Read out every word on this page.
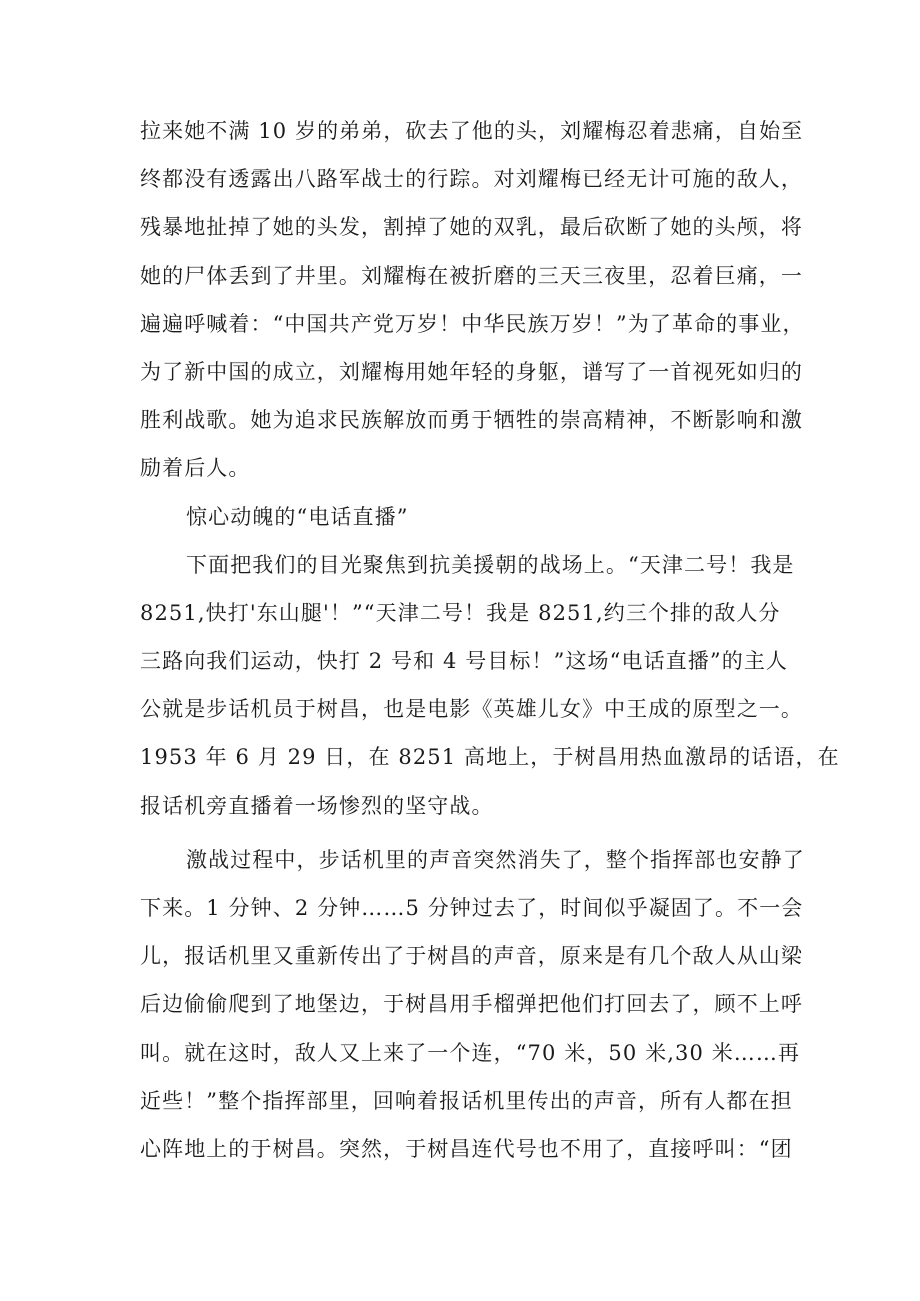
拉来她不满 10 岁的弟弟，砍去了他的头，刘耀梅忍着悲痛，自始至
终都没有透露出八路军战士的行踪。对刘耀梅已经无计可施的敌人，
残暴地扯掉了她的头发，割掉了她的双乳，最后砍断了她的头颅，将
她的尸体丢到了井里。刘耀梅在被折磨的三天三夜里，忍着巨痛，一
遍遍呼喊着：“中国共产党万岁！中华民族万岁！”为了革命的事业，
为了新中国的成立，刘耀梅用她年轻的身躯，谱写了一首视死如归的
胜利战歌。她为追求民族解放而勇于牺牲的崇高精神，不断影响和激
励着后人。
惊心动魄的“电话直播”
下面把我们的目光聚焦到抗美援朝的战场上。“天津二号！我是
8251,快打'东山腿'！”“天津二号！我是 8251,约三个排的敌人分
三路向我们运动，快打 2 号和 4 号目标！”这场“电话直播”的主人
公就是步话机员于树昌，也是电影《英雄儿女》中王成的原型之一。
1953 年 6 月 29 日，在 8251 高地上，于树昌用热血激昂的话语，在
报话机旁直播着一场惨烈的坚守战。
激战过程中，步话机里的声音突然消失了，整个指挥部也安静了
下来。1 分钟、2 分钟……5 分钟过去了，时间似乎凝固了。不一会
儿，报话机里又重新传出了于树昌的声音，原来是有几个敌人从山梁
后边偷偷爬到了地堡边，于树昌用手榴弹把他们打回去了，顾不上呼
叫。就在这时，敌人又上来了一个连，“70 米，50 米,30 米……再
近些！”整个指挥部里，回响着报话机里传出的声音，所有人都在担
心阵地上的于树昌。突然，于树昌连代号也不用了，直接呼叫：“团
